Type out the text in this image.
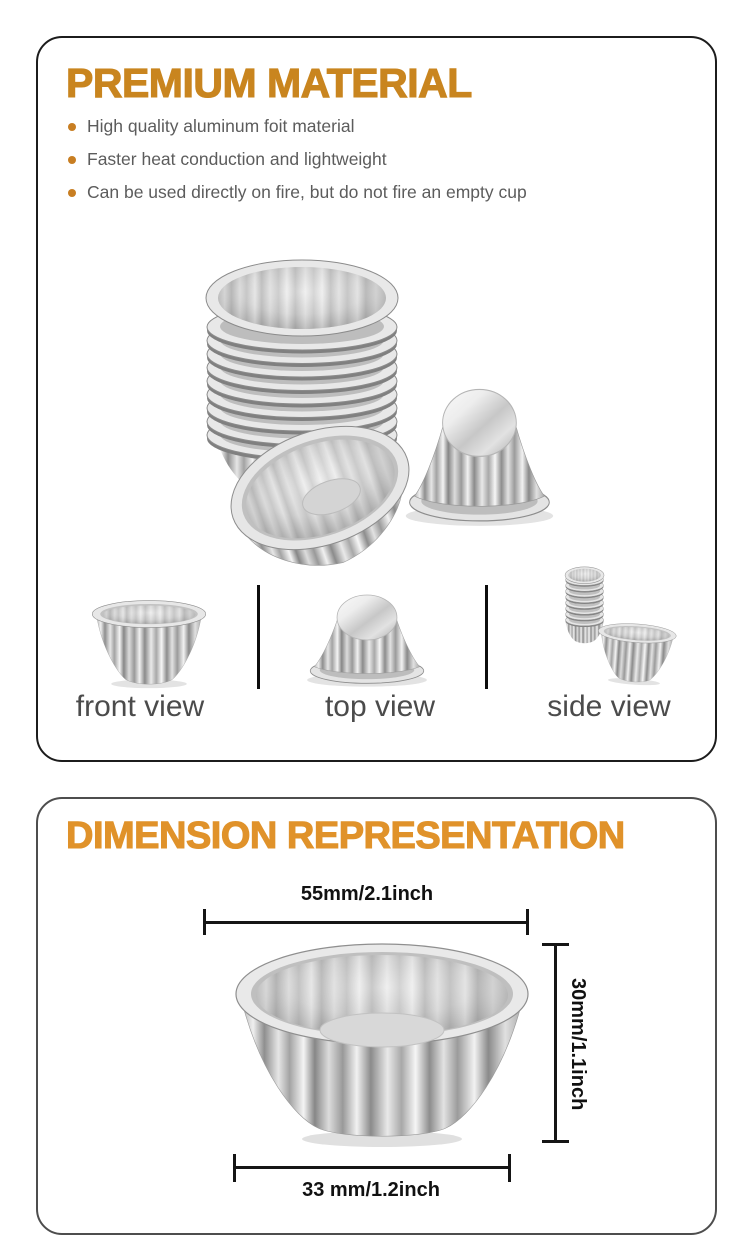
PREMIUM MATERIAL
High quality aluminum foit material
Faster heat conduction and lightweight
Can be used directly on fire, but do not fire an empty cup
front view	top view	side view
DIMENSION REPRESENTATION
55mm/2.1inch
30mm/1.1inch
33 mm/1.2inch
